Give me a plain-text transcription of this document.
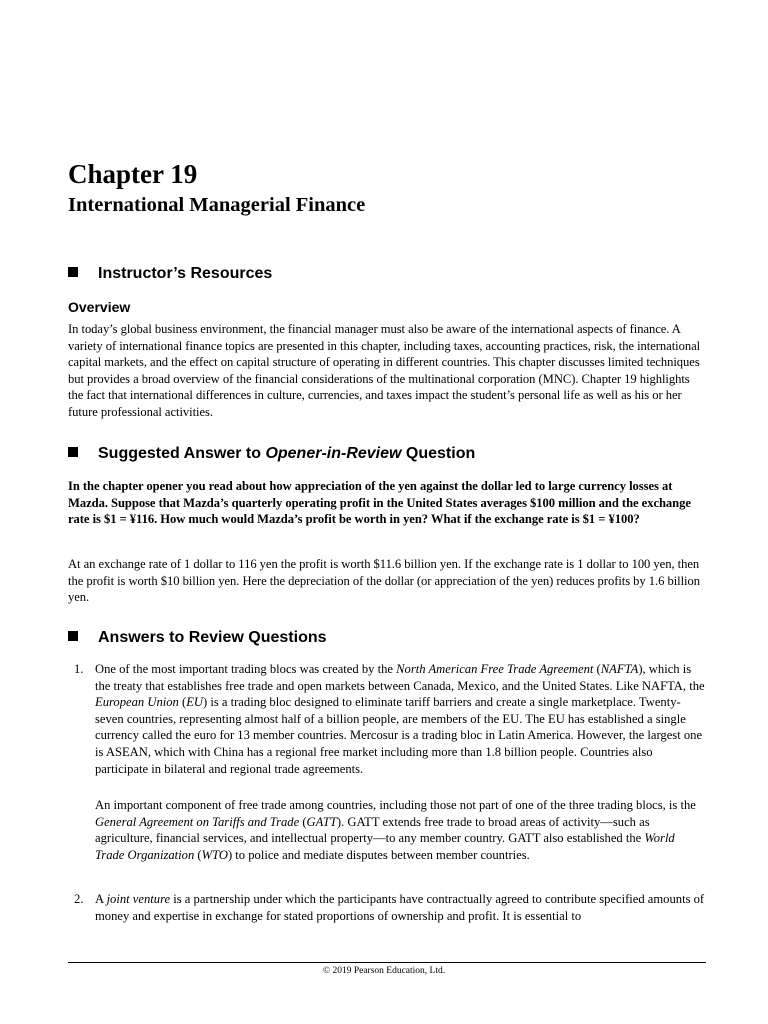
Chapter 19
International Managerial Finance
Instructor’s Resources
Overview

In today’s global business environment, the financial manager must also be aware of the international aspects of finance. A variety of international finance topics are presented in this chapter, including taxes, accounting practices, risk, the international capital markets, and the effect on capital structure of operating in different countries. This chapter discusses limited techniques but provides a broad overview of the financial considerations of the multinational corporation (MNC). Chapter 19 highlights the fact that international differences in culture, currencies, and taxes impact the student’s personal life as well as his or her future professional activities.

Suggested Answer to Opener-in-Review Question

In the chapter opener you read about how appreciation of the yen against the dollar led to large currency losses at Mazda. Suppose that Mazda’s quarterly operating profit in the United States averages $100 million and the exchange rate is $1 = ¥116. How much would Mazda’s profit be worth in yen? What if the exchange rate is $1 = ¥100?

At an exchange rate of 1 dollar to 116 yen the profit is worth $11.6 billion yen. If the exchange rate is 1 dollar to 100 yen, then the profit is worth $10 billion yen. Here the depreciation of the dollar (or appreciation of the yen) reduces profits by 1.6 billion yen.

Answers to Review Questions
1. One of the most important trading blocs was created by the North American Free Trade Agreement (NAFTA), which is the treaty that establishes free trade and open markets between Canada, Mexico, and the United States. Like NAFTA, the European Union (EU) is a trading bloc designed to eliminate tariff barriers and create a single marketplace. Twenty-seven countries, representing almost half of a billion people, are members of the EU. The EU has established a single currency called the euro for 13 member countries. Mercosur is a trading bloc in Latin America. However, the largest one is ASEAN, which with China has a regional free market including more than 1.8 billion people. Countries also participate in bilateral and regional trade agreements.

An important component of free trade among countries, including those not part of one of the three trading blocs, is the General Agreement on Tariffs and Trade (GATT). GATT extends free trade to broad areas of activity—such as agriculture, financial services, and intellectual property—to any member country. GATT also established the World Trade Organization (WTO) to police and mediate disputes between member countries.

2. A joint venture is a partnership under which the participants have contractually agreed to contribute specified amounts of money and expertise in exchange for stated proportions of ownership and profit. It is essential to

© 2019 Pearson Education, Ltd.
